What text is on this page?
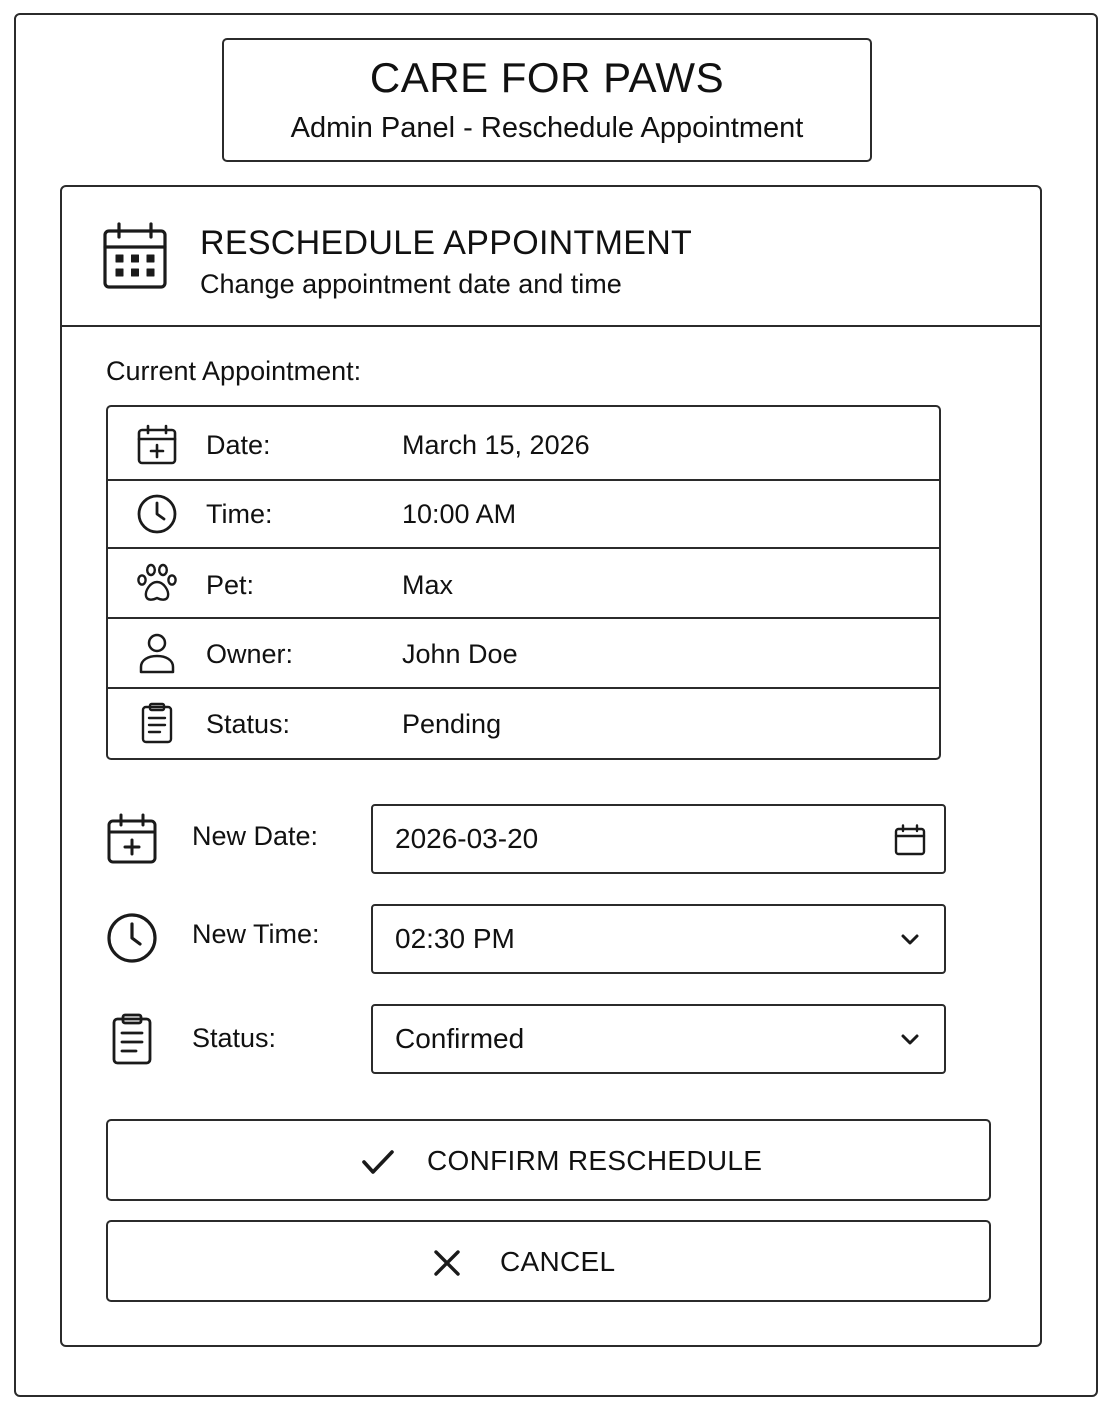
CARE FOR PAWS
Admin Panel - Reschedule Appointment
RESCHEDULE APPOINTMENT
Change appointment date and time
Current Appointment:
Date:	March 15, 2026
Time:	10:00 AM
Pet:	Max
Owner:	John Doe
Status:	Pending
New Date:	2026-03-20
New Time:	02:30 PM
Status:	Confirmed
CONFIRM RESCHEDULE
CANCEL
